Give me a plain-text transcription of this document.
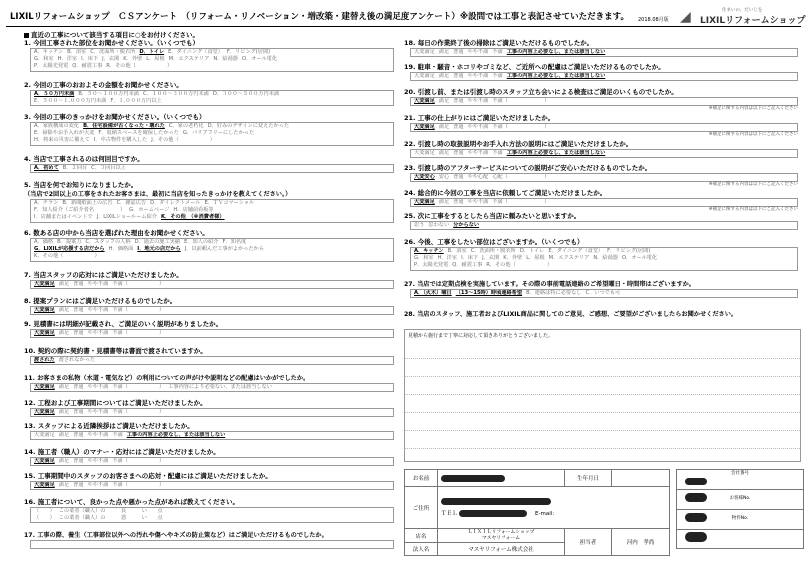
LIXILリフォームショップ　ＣＳアンケート　（リフォーム・リノベーション・増改築・建替え後の満足度アンケート）※設問では工事と表記させていただきます。 2018.08月版 ◢	住まいの、だいじを
LIXILリフォームショップ
直近の工事について該当する項目に○をお付けください。
1. 今回工事された部位をお聞かせください。（いくつでも）
A．キッチン B．浴室 C．洗面所・脱衣所 D．トイレ E．ダイニング（食堂） F．リビング(居間)
G．和室 H．洋室 I．床下 J．玄関 K．外壁 L．屋根 M．エクステリア N．給湯器 O．オール電化
P．太陽光発電 Q．耐震工事 R．その他（　　　　　　）
2. 今回の工事のおおよその金額をお聞かせください。
A．５０万円未満 B．５０～１００万円未満 C．１００～３００万円未満 D．３００～５００万円未満
E．５００～１,０００万円未満 F．１,０００万円以上
3. 今回の工事のきっかけをお聞かせください。（いくつでも）
A．家族構成の変化 B．住宅設備が古くなった・壊れた C．家の老朽化 D．好みのデザインに変えたかった
E．掃除やお手入れが大変 F．収納スペースを確保したかった G．バリアフリーにしたかった
H．将来の災害に備えて I．中古物件を購入した J．その他（　　　　　　）
4. 当店で工事されるのは何回目ですか。
A．初めて B．２回目 C．３回目以上
5. 当店を何でお知りになりましたか。
（当店で2回以上の工事をされたお客さまは、最初に当店を知ったきっかけを教えてください。）
A．チラシ B．新聞紙面上の広告 C．雑誌広告 D．ダイレクトメール E．ＴＶコマーシャル
F．知人紹介（ご紹介者名　　　　　） G．ホームページ H．店舗前看板等
I．店舗またはイベントで J．LIXILショールーム紹介 K．その他　（※消費者様）
6. 数ある店の中から当店を選ばれた理由をお聞かせください。
A．価格 B．提案力 C．スタッフの人柄 D．過去の施工実績 E．知人の紹介 F．知名度
G．LIXILが応援する店だから H．価格面 I．地元の店だから J．以前頼んだ工事がよかったから
K．その他（　　　　　　）
7. 当店スタッフの応対にはご満足いただけましたか。
大変満足 満足 普通 やや不満 不満（　　　　　　）
8. 提案プランにはご満足いただけるものでしたか。
大変満足 満足 普通 やや不満 不満（　　　　　　）
9. 見積書には明細が記載され、ご満足のいく説明がありましたか。
大変満足 満足 普通 やや不満 不満（　　　　　　）
10. 契約の際に契約書・見積書等は書面で渡されていますか。
渡された 渡されなかった
11. お客さまの私物（水道・電気など）の利用についての声がけや説明などの配慮はいかがでしたか。
大変満足 満足 普通 やや不満 不満（　　　　　　） 工事内容により必要ない、または該当しない
12. 工程および工事期間についてはご満足いただけましたか。
大変満足 満足 普通 やや不満 不満（　　　　　　）
13. スタッフによる近隣挨拶はご満足いただけましたか。
大変満足 満足 普通 やや不満 不満 工事の内容上必要なし、または該当しない
14. 施工者（職人）のマナー・応対にはご満足いただけましたか。
大変満足 満足 普通 やや不満 不満（　　　　　　）
15. 工事期間中のスタッフのお客さまへの応対・配慮にはご満足いただけましたか。
大変満足 満足 普通 やや不満 不満（　　　　　　）
16. 施工者について、良かった点や悪かった点があれば教えてください。
（　　） この業者（職人）の　　　良　　　い　　点
（　　） この業者（職人）の　　　悪　　　い　　点
17. 工事の際、養生（工事部位以外への汚れや傷へやキズの防止策など）はご満足いただけるものでしたか。

18. 毎日の作業終了後の掃除はご満足いただけるものでしたか。
大変満足 満足 普通 やや不満 不満 工事の内容上必要なし、または該当しない
19. 駐車・騒音・ホコリやゴミなど、ご近所への配慮はご満足いただけるものでしたか。
大変満足 満足 普通 やや不満 不満 工事の内容上必要なし、または該当しない
20. 引渡し前、または引渡し時のスタッフ立ち会いによる検査はご満足のいくものでしたか。
大変満足 満足 普通 やや不満 不満（　　　　　　　）
※補足に関する内容は以下にご記入ください
21. 工事の仕上がりにはご満足いただけましたか。
大変満足 満足 普通 やや不満 不満（　　　　　　　）
※補足に関する内容は以下にご記入ください
22. 引渡し時の取扱説明やお手入れ方法の説明にはご満足いただけましたか。
大変満足 満足 普通 やや不満 不満 工事の内容上必要なし、または該当しない
23. 引渡し時のアフターサービスについての説明がご安心いただけるものでしたか。
大変安心 安心 普通 やや心配 心配（　　　　　　　）
※補足に関する内容は以下にご記入ください
24. 総合的に今回の工事を当店に依頼してご満足いただけましたか。
大変満足 満足 普通 やや不満 不満（　　　　　　　）
※補足に関する内容は以下にご記入ください
25. 次に工事をするとしたら当店に頼みたいと思いますか。
思う 思わない 分からない
26. 今後、工事をしたい部位はございますか。（いくつでも）
A．キッチン B．浴室 C．洗面所・脱衣所 D．トイレ E．ダイニング（食堂） F．リビング(居間)
G．和室 H．洋室 I．床下 J．玄関 K．外壁 L．屋根 M．エクステリア N．給湯器 O．オール電化
P．太陽光発電 Q．耐震工事 R．その他（　　　　　　）
27. 当店では定期点検を実施しています。その際の事前電話連絡のご希望曜日・時間帯はございますか。
A．（火木）曜日 （13～15時）時頃連絡希望 B．連絡は特に必要なし C．いつでも可
28. 当店のスタッフ、施工者およびLIXIL商品に関してのご意見、ご感想、ご要望がございましたらお聞かせください。
見積から施行まで丁寧に対応して頂きありがとうございました。
お名前		生年月日	
ご住所	ＴＥＬ E-mail：		

店名	ＬＩＸＩＬリフォームショップ
マスヤリフォーム	担当者	河内　孝尚
法人名	マスヤリフォーム株式会社		
会社番号
お客様No.
物件No.
